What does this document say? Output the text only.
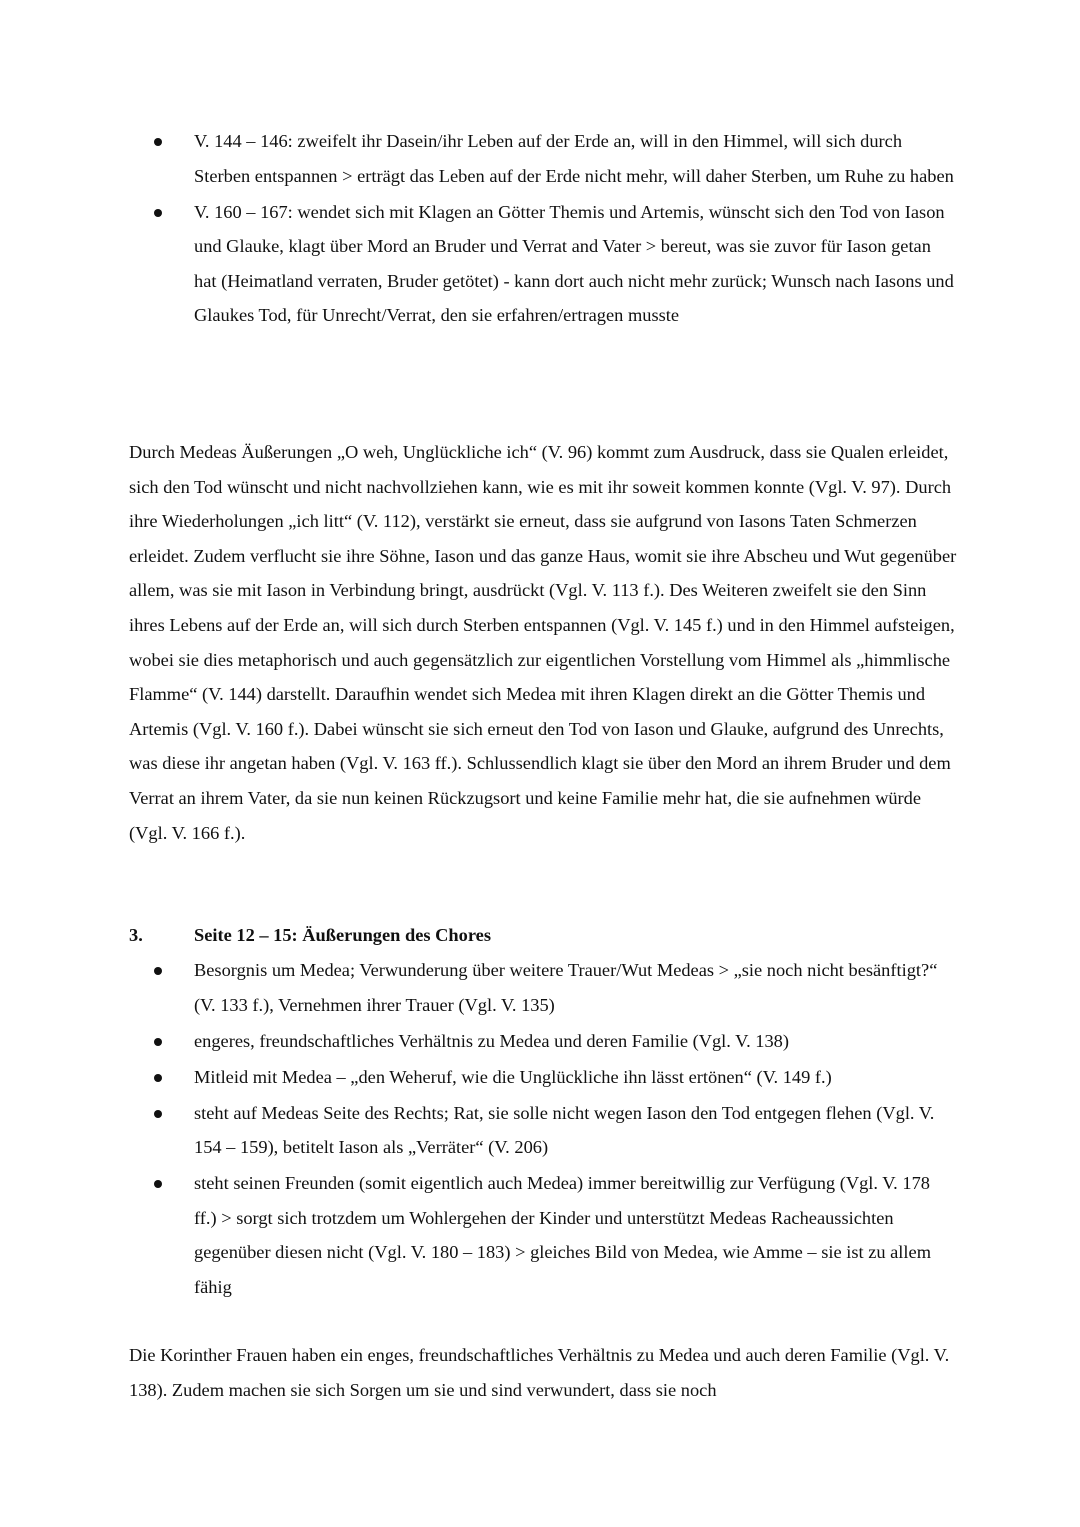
V. 144 – 146: zweifelt ihr Dasein/ihr Leben auf der Erde an, will in den Himmel, will sich durch Sterben entspannen > erträgt das Leben auf der Erde nicht mehr, will daher Sterben, um Ruhe zu haben
V. 160 – 167: wendet sich mit Klagen an Götter Themis und Artemis, wünscht sich den Tod von Iason und Glauke, klagt über Mord an Bruder und Verrat and Vater > bereut, was sie zuvor für Iason getan hat (Heimatland verraten, Bruder getötet) - kann dort auch nicht mehr zurück; Wunsch nach Iasons und Glaukes Tod, für Unrecht/Verrat, den sie erfahren/ertragen musste

Durch Medeas Äußerungen „O weh, Unglückliche ich“ (V. 96) kommt zum Ausdruck, dass sie Qualen erleidet, sich den Tod wünscht und nicht nachvollziehen kann, wie es mit ihr soweit kommen konnte (Vgl. V. 97). Durch ihre Wiederholungen „ich litt“ (V. 112), verstärkt sie erneut, dass sie aufgrund von Iasons Taten Schmerzen erleidet. Zudem verflucht sie ihre Söhne, Iason und das ganze Haus, womit sie ihre Abscheu und Wut gegenüber allem, was sie mit Iason in Verbindung bringt, ausdrückt (Vgl. V. 113 f.). Des Weiteren zweifelt sie den Sinn ihres Lebens auf der Erde an, will sich durch Sterben entspannen (Vgl. V. 145 f.) und in den Himmel aufsteigen, wobei sie dies metaphorisch und auch gegensätzlich zur eigentlichen Vorstellung vom Himmel als „himmlische Flamme“ (V. 144) darstellt. Daraufhin wendet sich Medea mit ihren Klagen direkt an die Götter Themis und Artemis (Vgl. V. 160 f.). Dabei wünscht sie sich erneut den Tod von Iason und Glauke, aufgrund des Unrechts, was diese ihr angetan haben (Vgl. V. 163 ff.). Schlussendlich klagt sie über den Mord an ihrem Bruder und dem Verrat an ihrem Vater, da sie nun keinen Rückzugsort und keine Familie mehr hat, die sie aufnehmen würde (Vgl. V. 166 f.).

3.	Seite 12 – 15: Äußerungen des Chores
Besorgnis um Medea; Verwunderung über weitere Trauer/Wut Medeas > „sie noch nicht besänftigt?“ (V. 133 f.), Vernehmen ihrer Trauer (Vgl. V. 135)
engeres, freundschaftliches Verhältnis zu Medea und deren Familie (Vgl. V. 138)
Mitleid mit Medea – „den Weheruf, wie die Unglückliche ihn lässt ertönen“ (V. 149 f.)
steht auf Medeas Seite des Rechts; Rat, sie solle nicht wegen Iason den Tod entgegen flehen (Vgl. V. 154 – 159), betitelt Iason als „Verräter“ (V. 206)
steht seinen Freunden (somit eigentlich auch Medea) immer bereitwillig zur Verfügung (Vgl. V. 178 ff.) > sorgt sich trotzdem um Wohlergehen der Kinder und unterstützt Medeas Racheaussichten gegenüber diesen nicht (Vgl. V. 180 – 183) > gleiches Bild von Medea, wie Amme – sie ist zu allem fähig

Die Korinther Frauen haben ein enges, freundschaftliches Verhältnis zu Medea und auch deren Familie (Vgl. V. 138). Zudem machen sie sich Sorgen um sie und sind verwundert, dass sie noch
